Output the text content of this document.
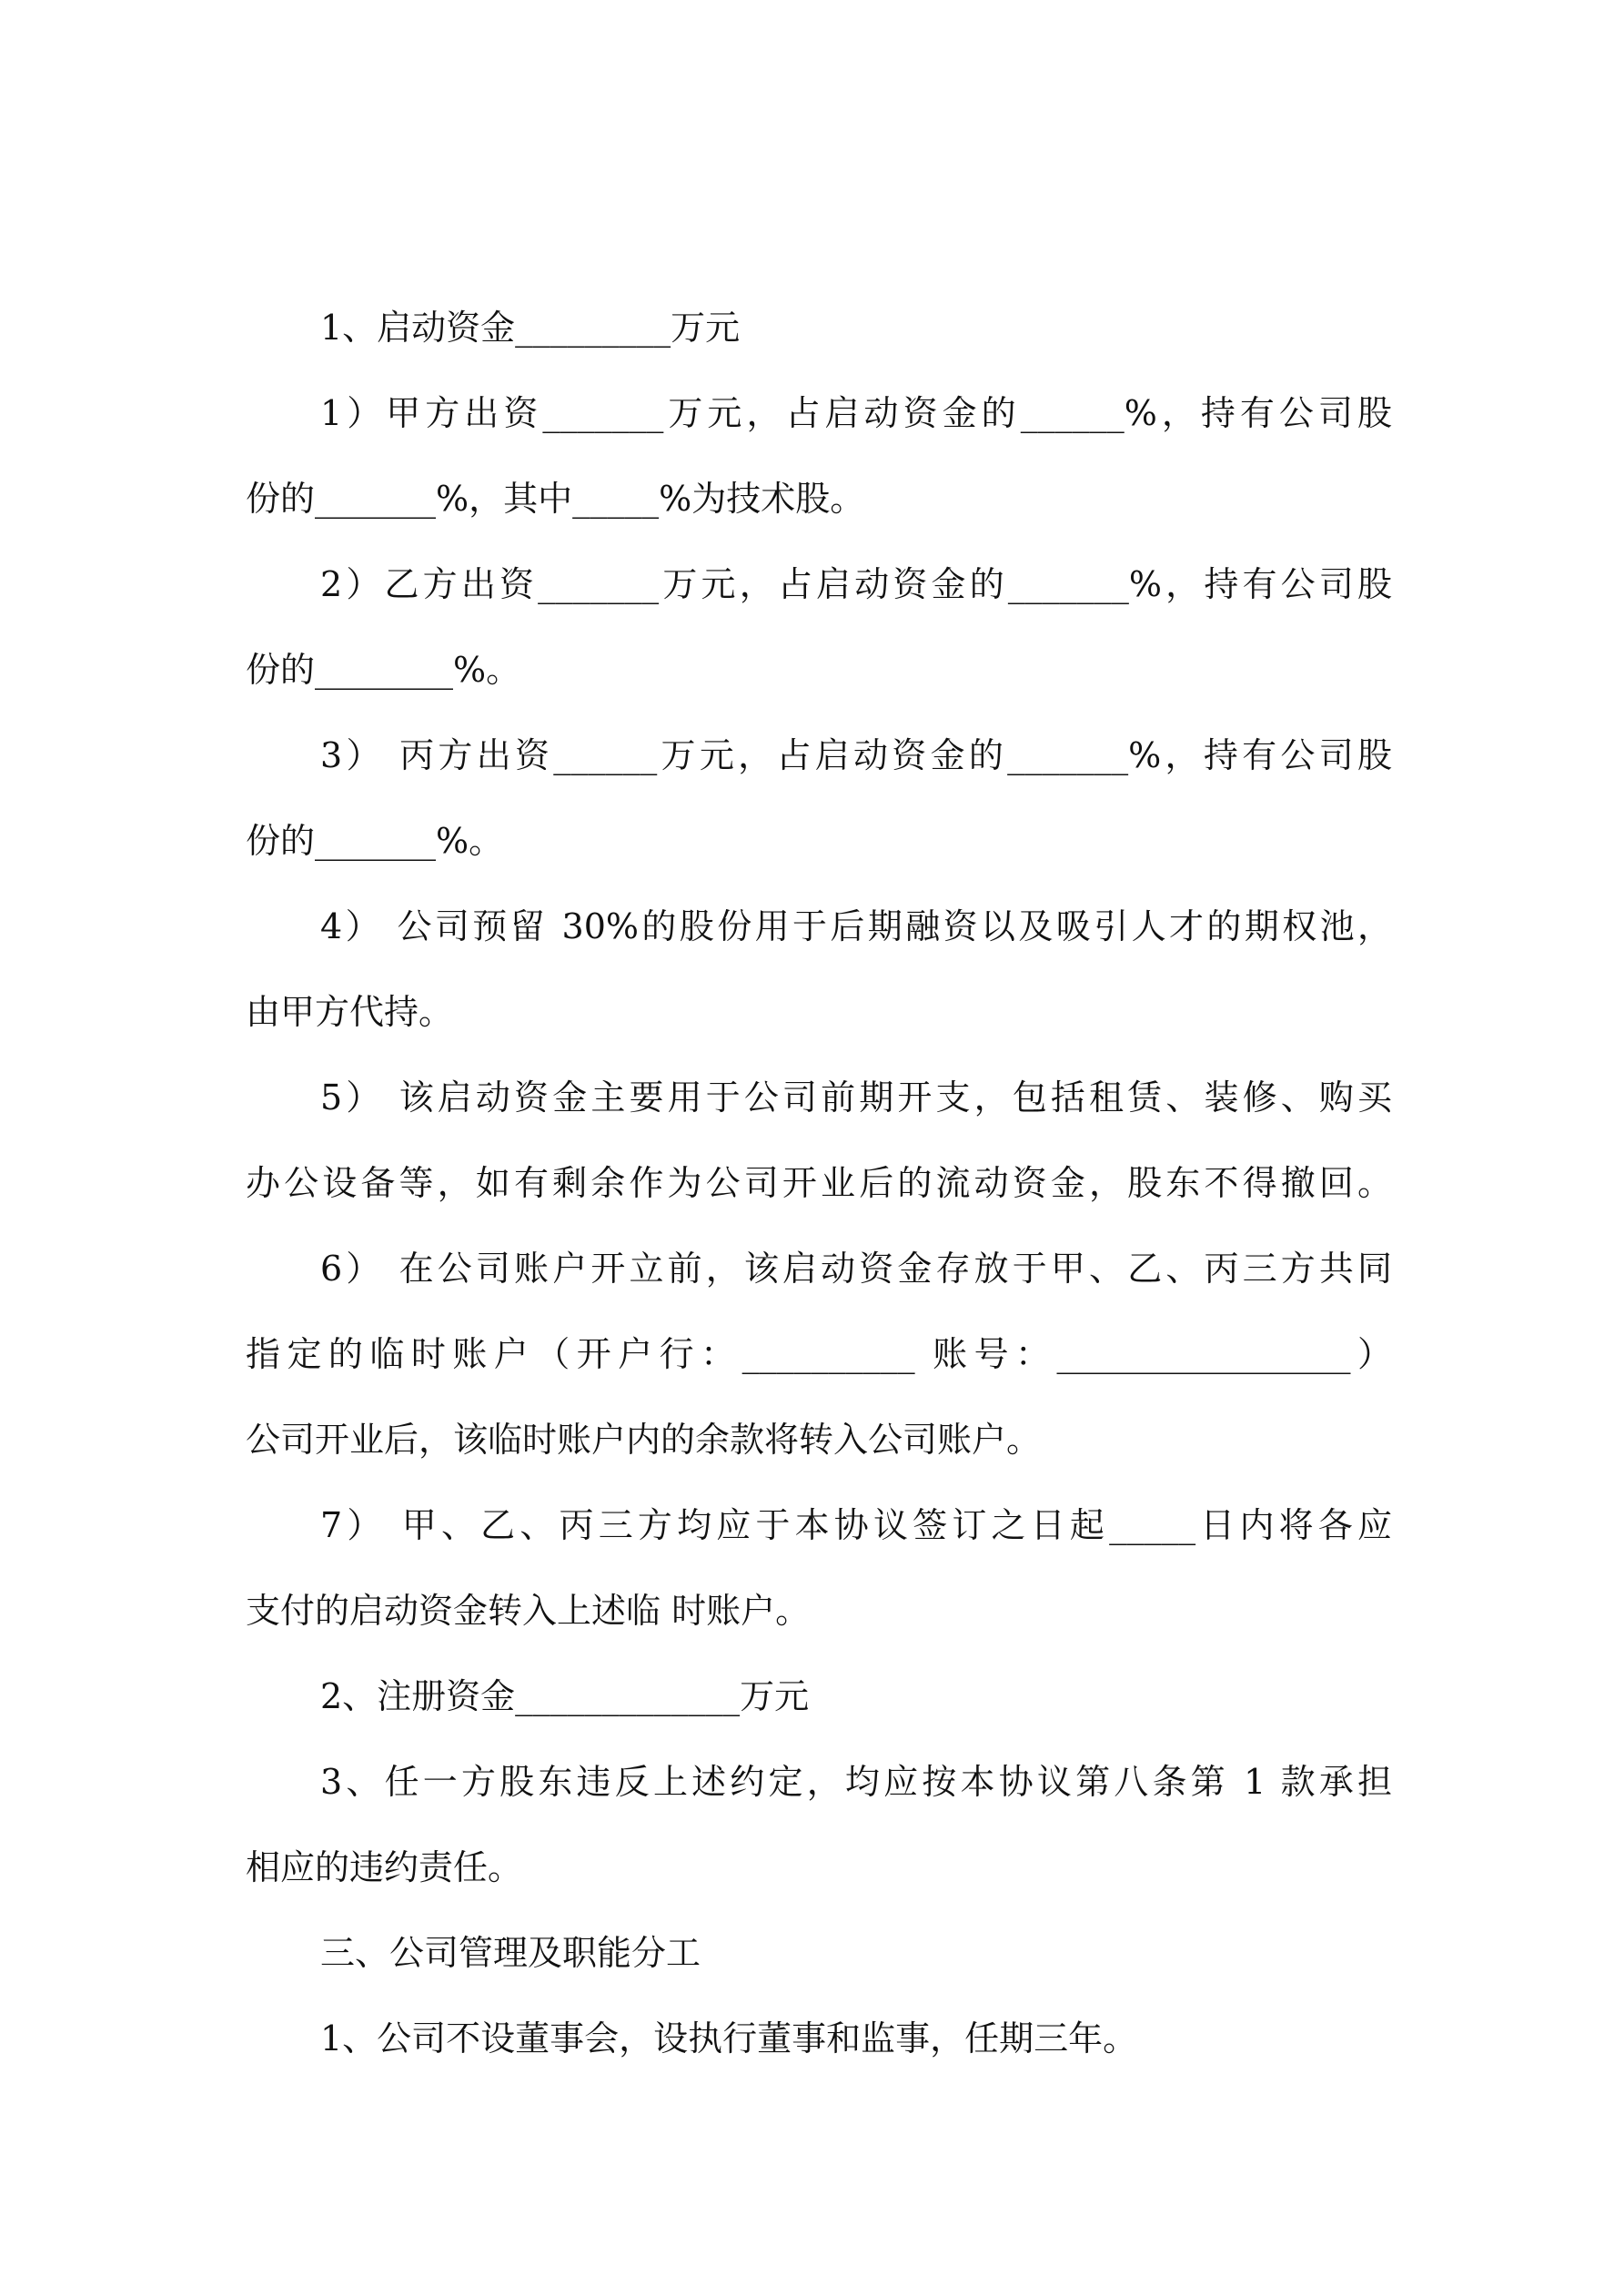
1、启动资金_________万元
1）甲方出资_______万元，占启动资金的______%，持有公司股
份的_______%，其中_____%为技术股。
2）乙方出资_______万元，占启动资金的_______%，持有公司股
份的________%。
3） 丙方出资______万元，占启动资金的_______%，持有公司股
份的_______%。
4） 公司预留 30%的股份用于后期融资以及吸引人才的期权池，
由甲方代持。
5） 该启动资金主要用于公司前期开支，包括租赁、装修、购买
办公设备等，如有剩余作为公司开业后的流动资金，股东不得撤回。
6） 在公司账户开立前，该启动资金存放于甲、乙、丙三方共同
指定的临时账户（开户行：__________ 账号：_________________）
公司开业后，该临时账户内的余款将转入公司账户。
7） 甲、乙、丙三方均应于本协议签订之日起_____日内将各应
支付的启动资金转入上述临 时账户。
2、注册资金_____________万元
3、任一方股东违反上述约定，均应按本协议第八条第 1 款承担
相应的违约责任。
三、公司管理及职能分工
1、公司不设董事会，设执行董事和监事，任期三年。
